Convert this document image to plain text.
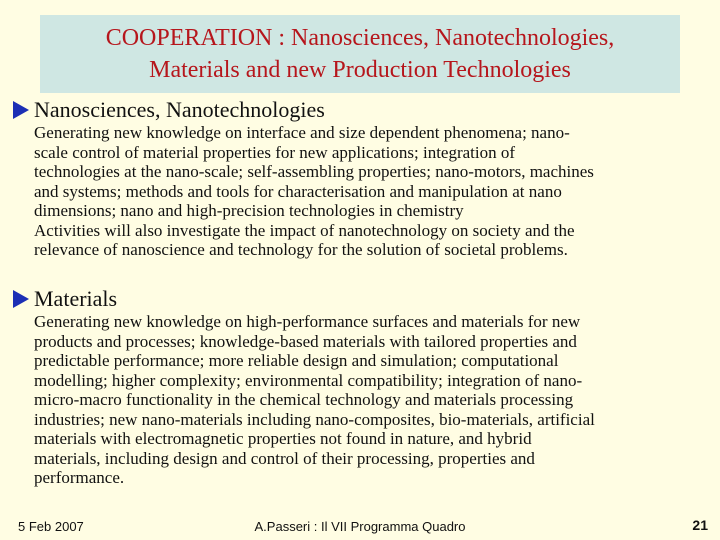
COOPERATION : Nanosciences, Nanotechnologies,
Materials and new Production Technologies
Nanosciences, Nanotechnologies
Generating new knowledge on interface and size dependent phenomena; nano-
scale control of material properties for new applications; integration of
technologies at the nano-scale; self-assembling properties; nano-motors, machines
and systems; methods and tools for characterisation and manipulation at nano
dimensions; nano and high-precision technologies in chemistry
Activities will also investigate the impact of nanotechnology on society and the
relevance of nanoscience and technology for the solution of societal problems.
Materials
Generating new knowledge on high-performance surfaces and materials for new
products and processes; knowledge-based materials with tailored properties and
predictable performance; more reliable design and simulation; computational
modelling; higher complexity; environmental compatibility; integration of nano-
micro-macro functionality in the chemical technology and materials processing
industries; new nano-materials including nano-composites, bio-materials, artificial
materials with electromagnetic properties not found in nature, and hybrid
materials, including design and control of their processing, properties and
performance.
5 Feb 2007	A.Passeri : Il VII Programma Quadro	21
